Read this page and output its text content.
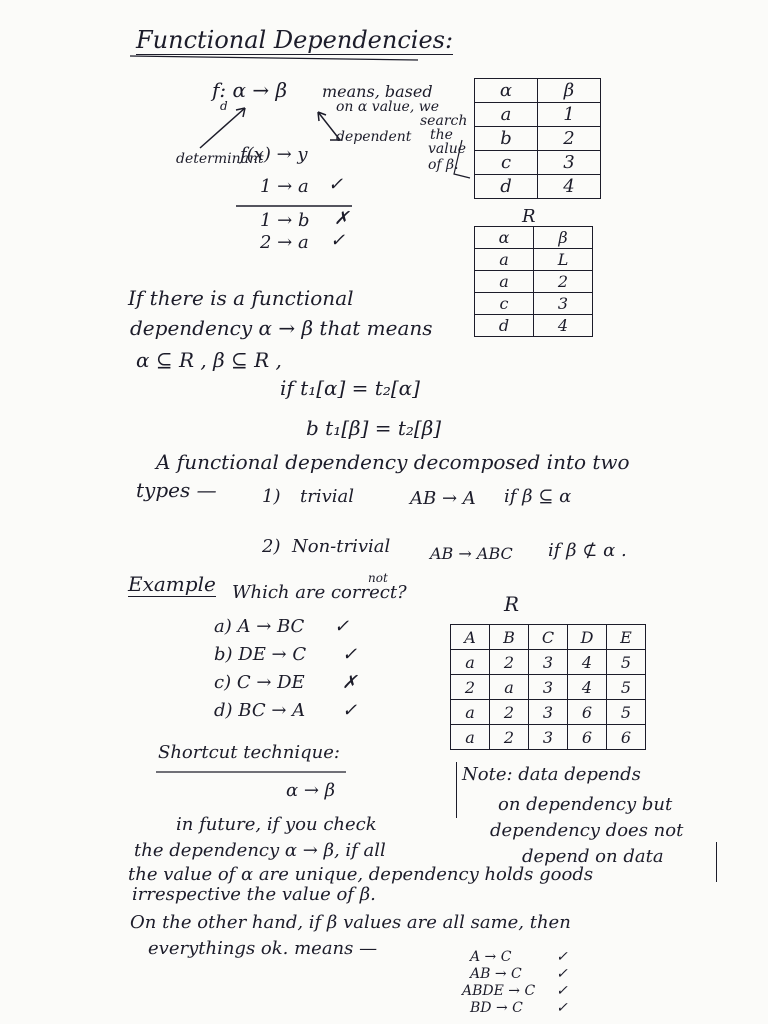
Functional Dependencies:
f: α → β
d
means, based
on α value, we
search
the
value
of β.
dependent
determinant
f(x) → y
1 → a ✓
1 → b ✗
2 → a ✓
α	β
a	1
b	2
c	3
d	4
R
α	β
a	L
a	2
c	3
d	4
If there is a functional
dependency α → β that means
α ⊆ R , β ⊆ R ,
if t₁[α] = t₂[α]
b t₁[β] = t₂[β]
A functional dependency decomposed into two
types —	1) trivial	AB → A if β ⊆ α
2) Non-trivial AB → ABC if β ⊄ α .
Example	not
Which are correct?
a) A → BC ✓
b) DE → C ✓
c) C → DE ✗
d) BC → A ✓
R
A	B	C	D	E
a	2	3	4	5
2	a	3	4	5
a	2	3	6	5
a	2	3	6	6
Shortcut technique:
α → β
Note: data depends
on dependency but
dependency does not
depend on data
in future, if you check
the dependency α → β, if all
the value of α are unique, dependency holds goods
irrespective the value of β.
On the other hand, if β values are all same, then
everythings ok. means —	A → C	✓
AB → C ✓
ABDE → C ✓
BD → C ✓
